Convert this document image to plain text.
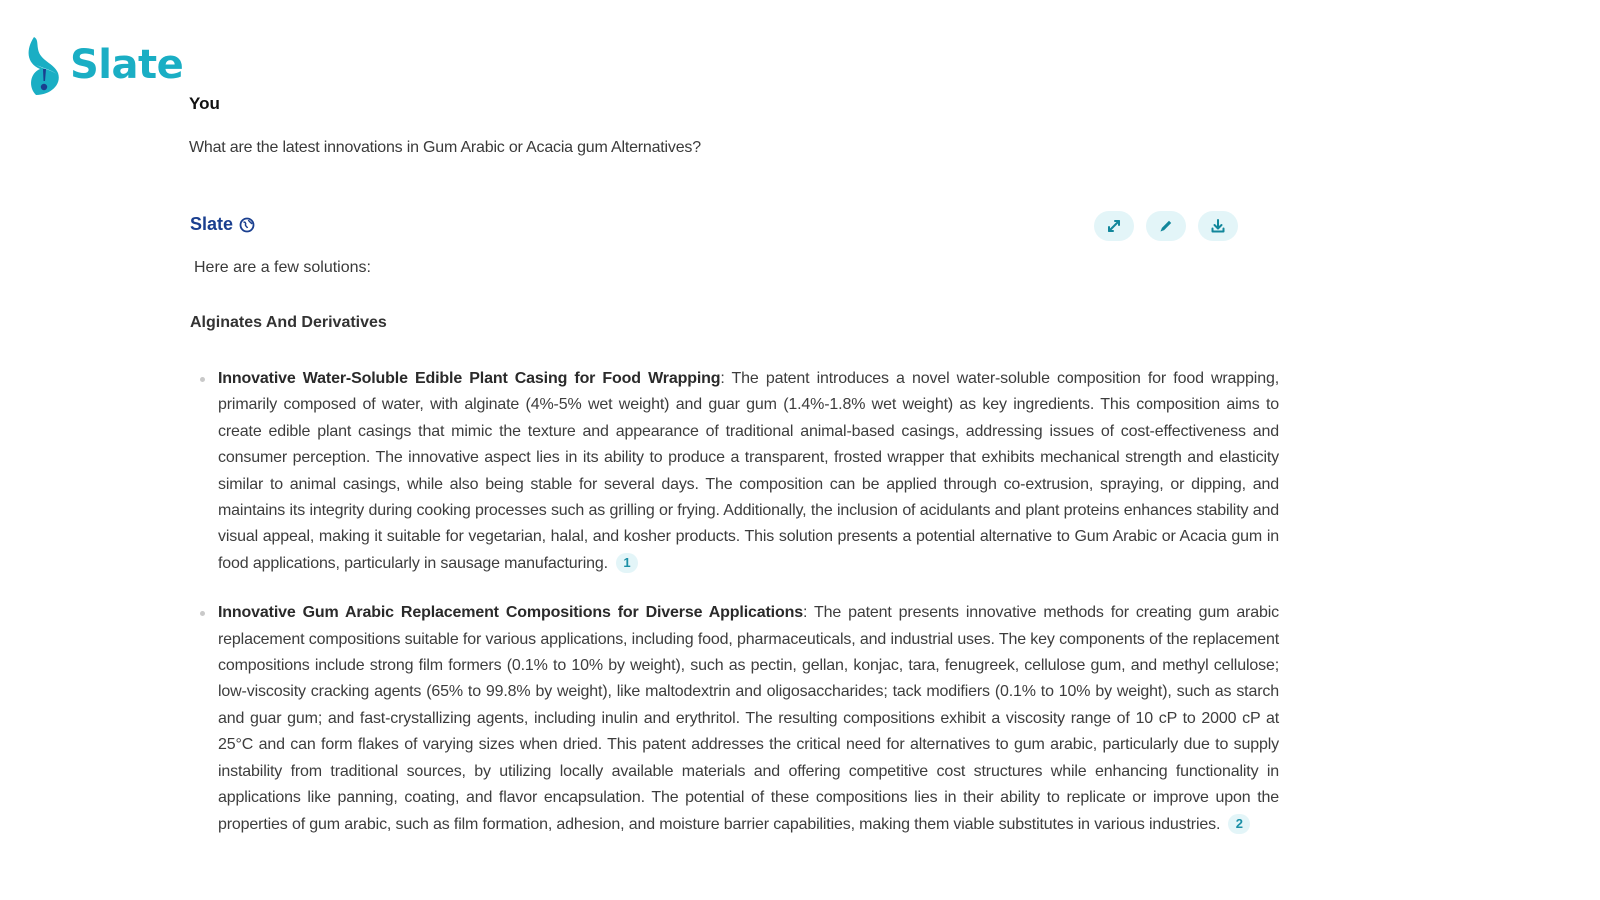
Slate
You
What are the latest innovations in Gum Arabic or Acacia gum Alternatives?
Slate
Here are a few solutions:
Alginates And Derivatives
Innovative Water-Soluble Edible Plant Casing for Food Wrapping: The patent introduces a novel water-soluble composition for food wrapping, primarily composed of water, with alginate (4%-5% wet weight) and guar gum (1.4%-1.8% wet weight) as key ingredients. This composition aims to create edible plant casings that mimic the texture and appearance of traditional animal-based casings, addressing issues of cost-effectiveness and consumer perception. The innovative aspect lies in its ability to produce a transparent, frosted wrapper that exhibits mechanical strength and elasticity similar to animal casings, while also being stable for several days. The composition can be applied through co-extrusion, spraying, or dipping, and maintains its integrity during cooking processes such as grilling or frying. Additionally, the inclusion of acidulants and plant proteins enhances stability and visual appeal, making it suitable for vegetarian, halal, and kosher products. This solution presents a potential alternative to Gum Arabic or Acacia gum in food applications, particularly in sausage manufacturing. 1
Innovative Gum Arabic Replacement Compositions for Diverse Applications: The patent presents innovative methods for creating gum arabic replacement compositions suitable for various applications, including food, pharmaceuticals, and industrial uses. The key components of the replacement compositions include strong film formers (0.1% to 10% by weight), such as pectin, gellan, konjac, tara, fenugreek, cellulose gum, and methyl cellulose; low-viscosity cracking agents (65% to 99.8% by weight), like maltodextrin and oligosaccharides; tack modifiers (0.1% to 10% by weight), such as starch and guar gum; and fast-crystallizing agents, including inulin and erythritol. The resulting compositions exhibit a viscosity range of 10 cP to 2000 cP at 25°C and can form flakes of varying sizes when dried. This patent addresses the critical need for alternatives to gum arabic, particularly due to supply instability from traditional sources, by utilizing locally available materials and offering competitive cost structures while enhancing functionality in applications like panning, coating, and flavor encapsulation. The potential of these compositions lies in their ability to replicate or improve upon the properties of gum arabic, such as film formation, adhesion, and moisture barrier capabilities, making them viable substitutes in various industries. 2
